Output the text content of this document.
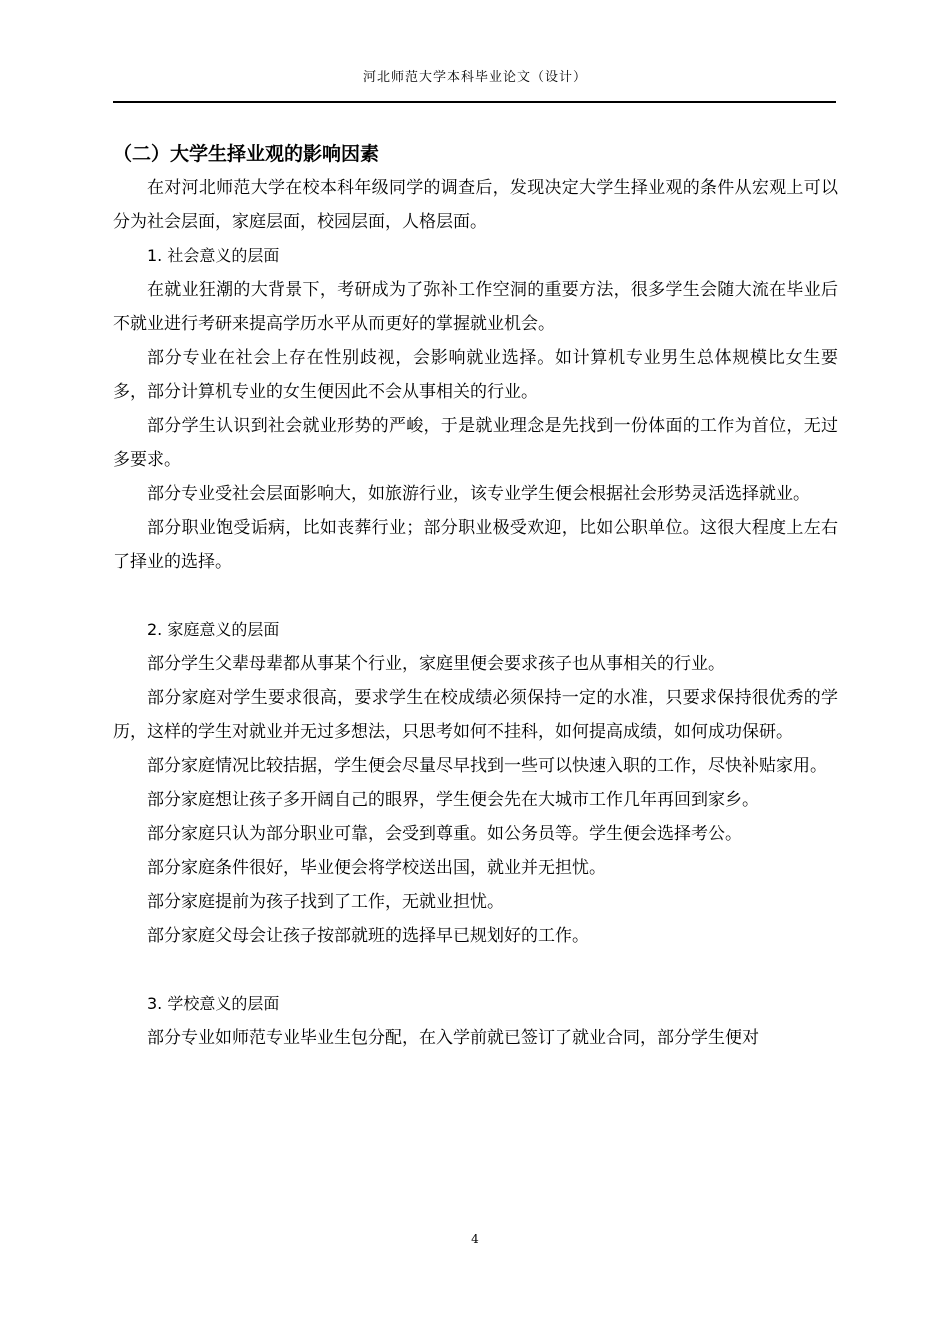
河北师范大学本科毕业论文（设计）

（二）大学生择业观的影响因素

在对河北师范大学在校本科年级同学的调查后，发现决定大学生择业观的条件从宏观上可以分为社会层面，家庭层面，校园层面，人格层面。

1. 社会意义的层面

在就业狂潮的大背景下，考研成为了弥补工作空洞的重要方法，很多学生会随大流在毕业后不就业进行考研来提高学历水平从而更好的掌握就业机会。

部分专业在社会上存在性别歧视，会影响就业选择。如计算机专业男生总体规模比女生要多，部分计算机专业的女生便因此不会从事相关的行业。

部分学生认识到社会就业形势的严峻，于是就业理念是先找到一份体面的工作为首位，无过多要求。

部分专业受社会层面影响大，如旅游行业，该专业学生便会根据社会形势灵活选择就业。

部分职业饱受诟病，比如丧葬行业；部分职业极受欢迎，比如公职单位。这很大程度上左右了择业的选择。

2. 家庭意义的层面

部分学生父辈母辈都从事某个行业，家庭里便会要求孩子也从事相关的行业。

部分家庭对学生要求很高，要求学生在校成绩必须保持一定的水准，只要求保持很优秀的学历，这样的学生对就业并无过多想法，只思考如何不挂科，如何提高成绩，如何成功保研。

部分家庭情况比较拮据，学生便会尽量尽早找到一些可以快速入职的工作，尽快补贴家用。

部分家庭想让孩子多开阔自己的眼界，学生便会先在大城市工作几年再回到家乡。

部分家庭只认为部分职业可靠，会受到尊重。如公务员等。学生便会选择考公。

部分家庭条件很好，毕业便会将学校送出国，就业并无担忧。

部分家庭提前为孩子找到了工作，无就业担忧。

部分家庭父母会让孩子按部就班的选择早已规划好的工作。

3. 学校意义的层面

部分专业如师范专业毕业生包分配，在入学前就已签订了就业合同，部分学生便对

4
